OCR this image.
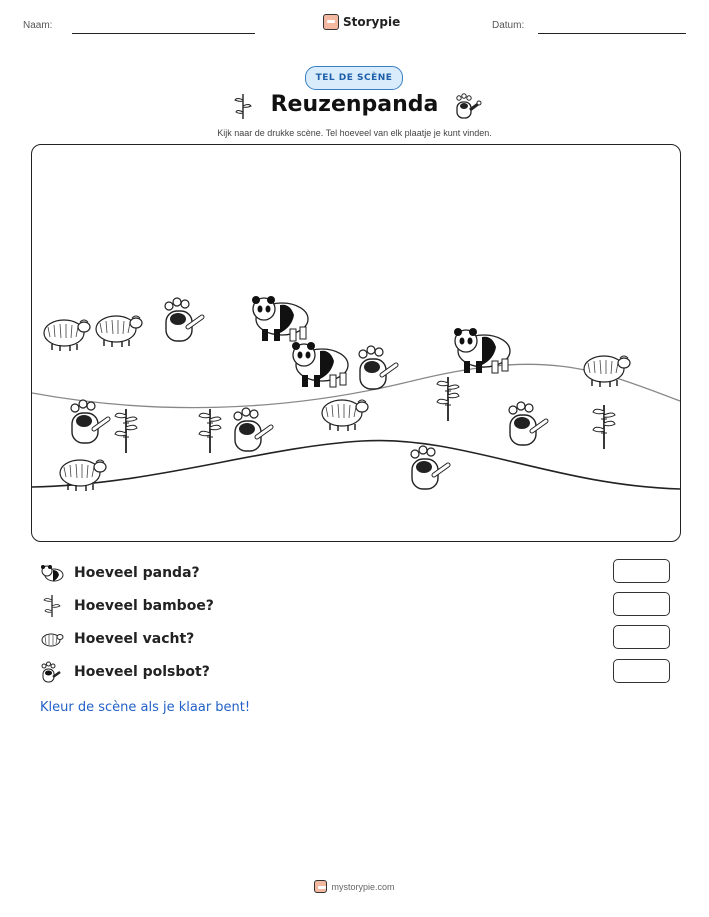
Naam:	Storypie	Datum:
TEL DE SCÈNE
Reuzenpanda
Kijk naar de drukke scène. Tel hoeveel van elk plaatje je kunt vinden.
Hoeveel panda?
Hoeveel bamboe?
Hoeveel vacht?
Hoeveel polsbot?
Kleur de scène als je klaar bent!
mystorypie.com
